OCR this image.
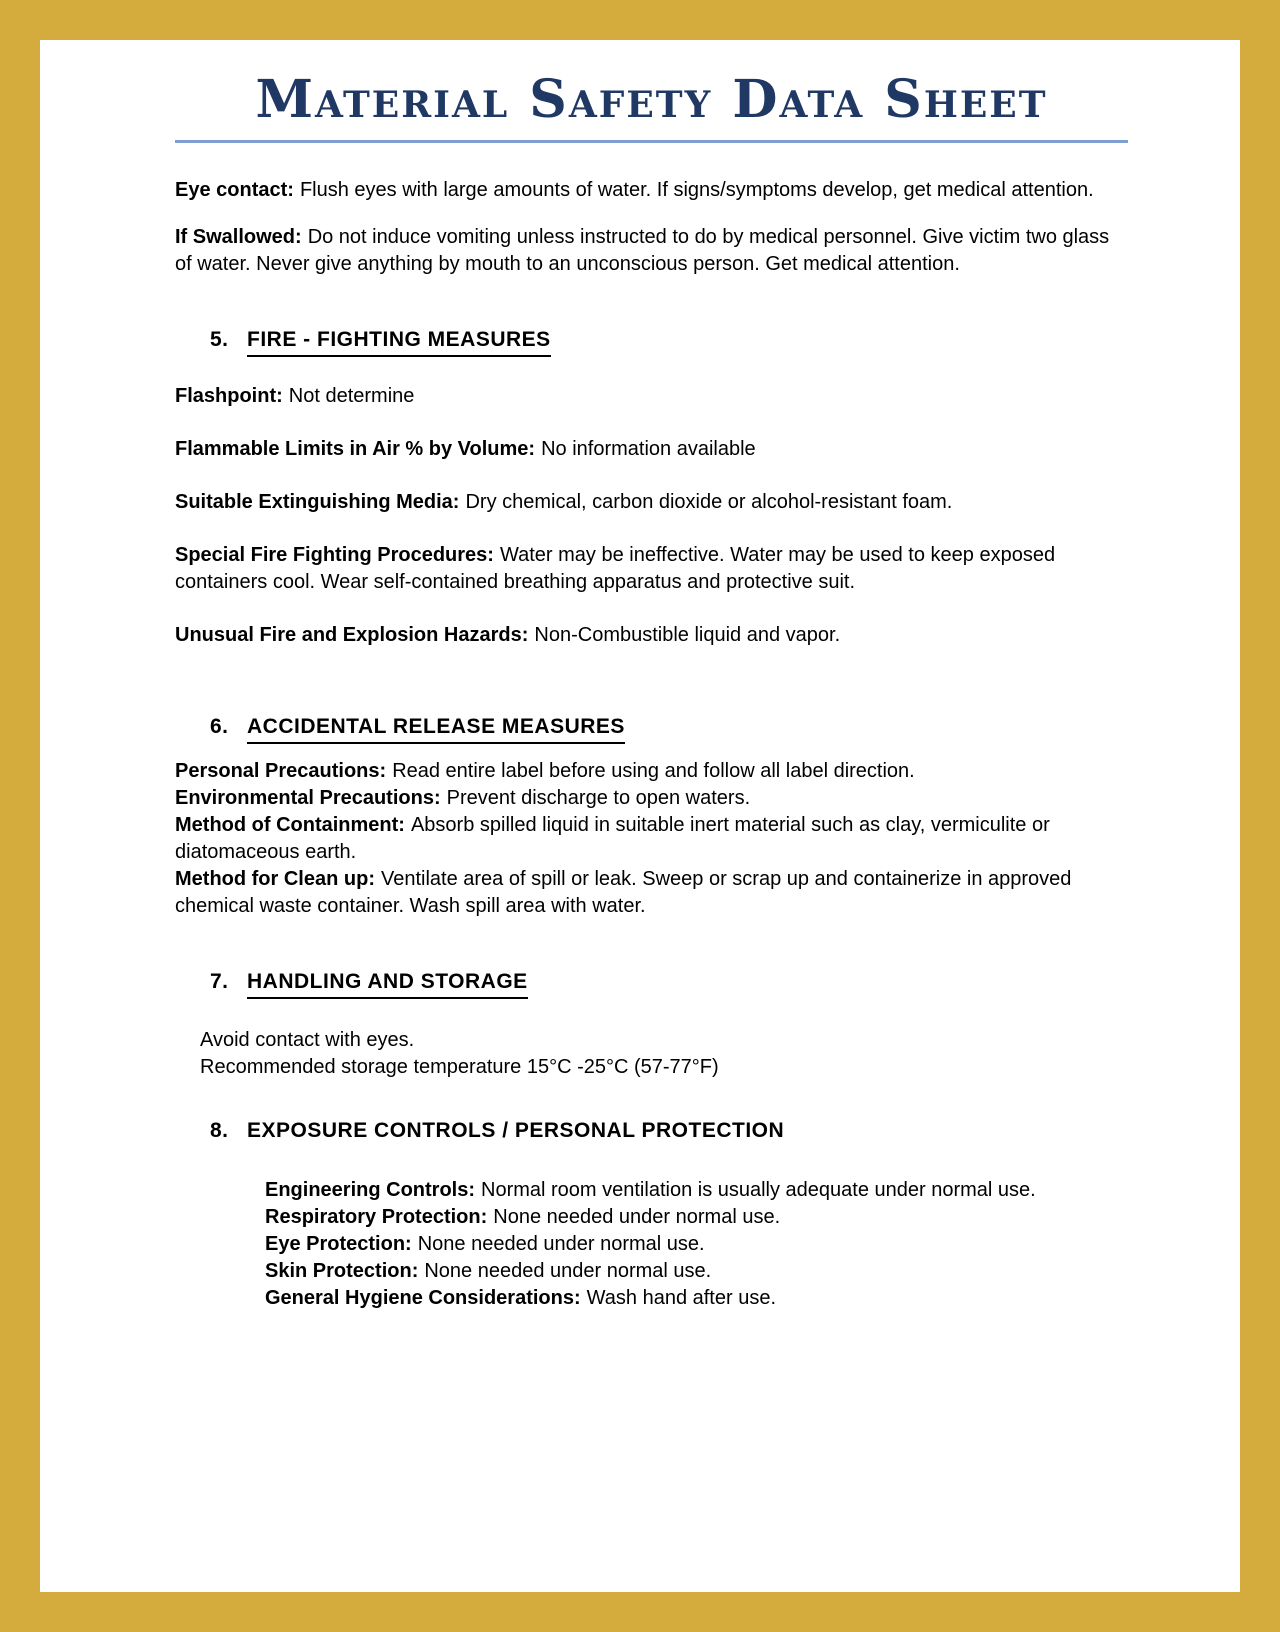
Material Safety Data Sheet

Eye contact: Flush eyes with large amounts of water. If signs/symptoms develop, get medical attention.

If Swallowed: Do not induce vomiting unless instructed to do by medical personnel. Give victim two glass of water. Never give anything by mouth to an unconscious person. Get medical attention.

5. FIRE - FIGHTING MEASURES

Flashpoint: Not determine

Flammable Limits in Air % by Volume: No information available

Suitable Extinguishing Media: Dry chemical, carbon dioxide or alcohol-resistant foam.

Special Fire Fighting Procedures: Water may be ineffective. Water may be used to keep exposed containers cool. Wear self-contained breathing apparatus and protective suit.

Unusual Fire and Explosion Hazards: Non-Combustible liquid and vapor.

6. ACCIDENTAL RELEASE MEASURES

Personal Precautions: Read entire label before using and follow all label direction.

Environmental Precautions: Prevent discharge to open waters.

Method of Containment: Absorb spilled liquid in suitable inert material such as clay, vermiculite or diatomaceous earth.

Method for Clean up: Ventilate area of spill or leak. Sweep or scrap up and containerize in approved chemical waste container. Wash spill area with water.

7. HANDLING AND STORAGE

Avoid contact with eyes.

Recommended storage temperature 15°C -25°C (57-77°F)

8. EXPOSURE CONTROLS / PERSONAL PROTECTION

Engineering Controls: Normal room ventilation is usually adequate under normal use.

Respiratory Protection: None needed under normal use.

Eye Protection: None needed under normal use.

Skin Protection: None needed under normal use.

General Hygiene Considerations: Wash hand after use.
